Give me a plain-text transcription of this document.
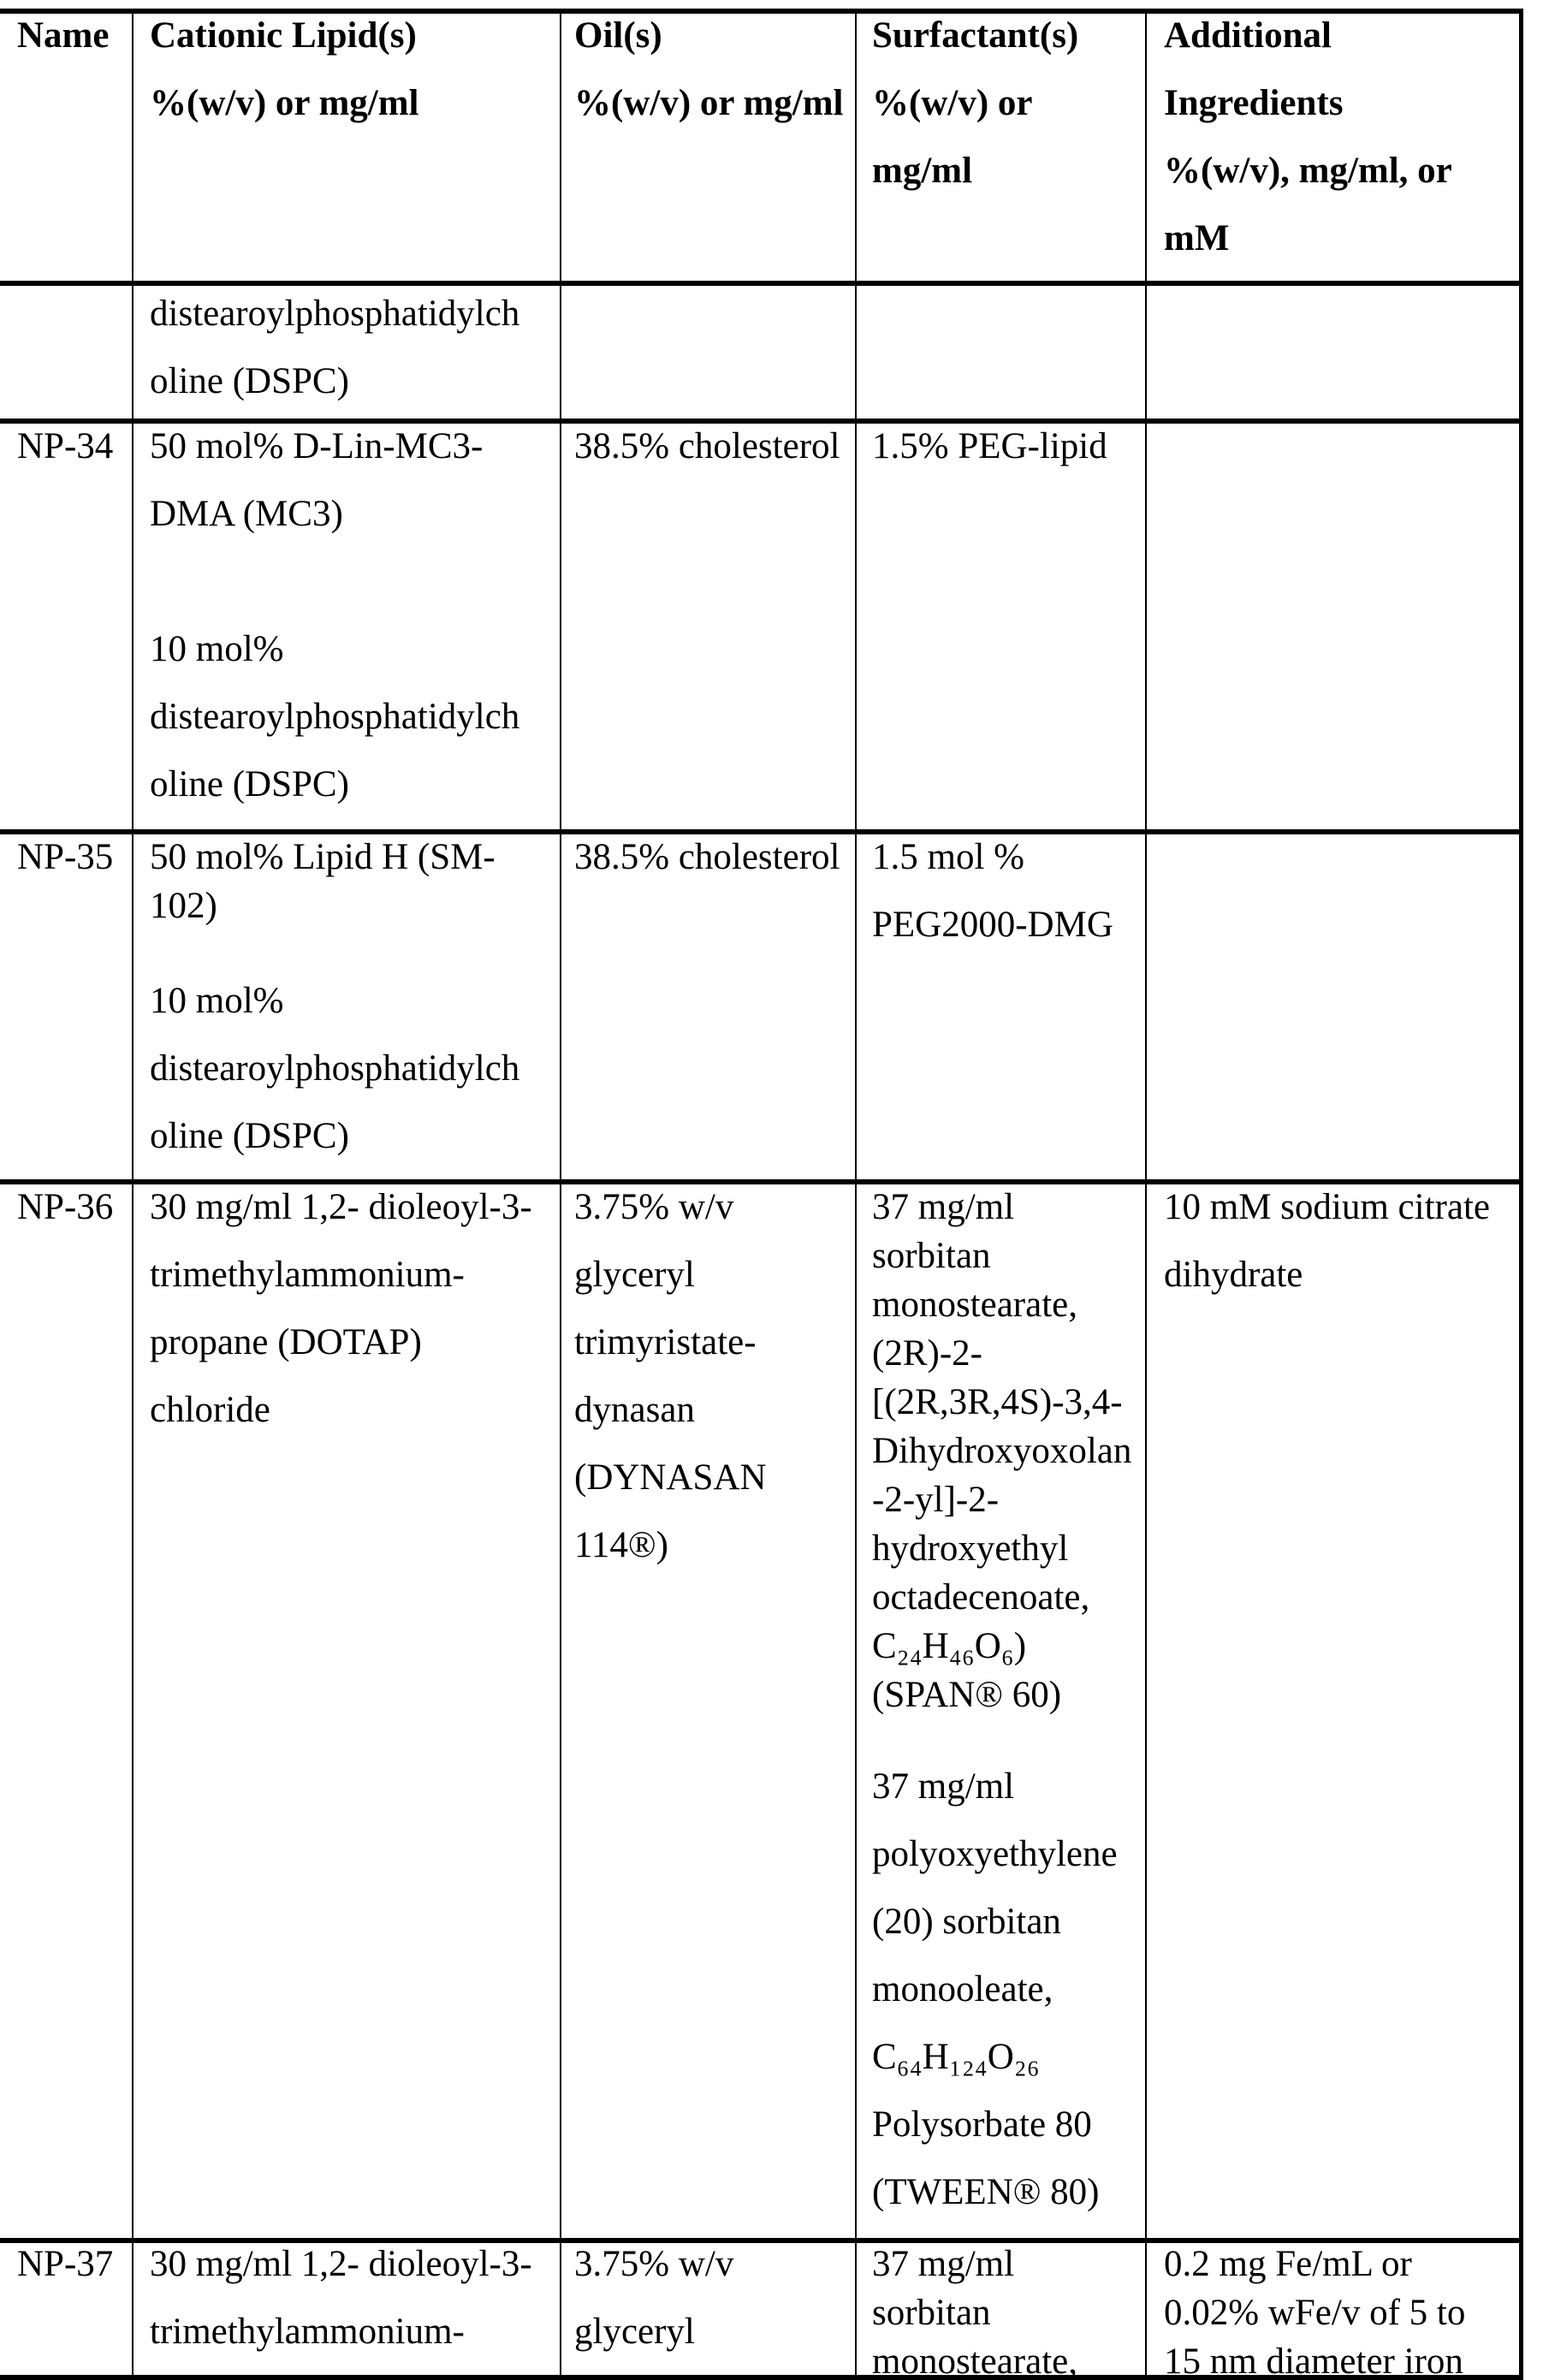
Name	Cationic Lipid(s)
%(w/v) or mg/ml
Oil(s)
%(w/v) or mg/ml
Surfactant(s)
%(w/v) or
mg/ml
Additional
Ingredients
%(w/v), mg/ml, or
mM
distearoylphosphatidylch
oline (DSPC)
NP-34 50 mol% D-Lin-MC3-
DMA (MC3)

10 mol%
distearoylphosphatidylch
oline (DSPC)
38.5% cholesterol 1.5% PEG-lipid
NP-35 50 mol% Lipid H (SM-
102)
10 mol%
distearoylphosphatidylch
oline (DSPC)
38.5% cholesterol 1.5 mol %
PEG2000-DMG
NP-36 30 mg/ml 1,2- dioleoyl-3-
trimethylammonium-
propane (DOTAP)
chloride
3.75% w/v
glyceryl
trimyristate-
dynasan
(DYNASAN
114®)
37 mg/ml
sorbitan
monostearate,
(2R)-2-
[(2R,3R,4S)-3,4-
Dihydroxyoxolan
-2-yl]-2-
hydroxyethyl
octadecenoate,
C₂₄H₄₆O₆)
(SPAN® 60)
37 mg/ml
polyoxyethylene
(20) sorbitan
monooleate,
C₆₄H₁₂₄O₂₆
Polysorbate 80
(TWEEN® 80)
10 mM sodium citrate
dihydrate
NP-37 30 mg/ml 1,2- dioleoyl-3-
trimethylammonium-
3.75% w/v
glyceryl
37 mg/ml
sorbitan
monostearate,
0.2 mg Fe/mL or
0.02% wFe/v of 5 to
15 nm diameter iron
